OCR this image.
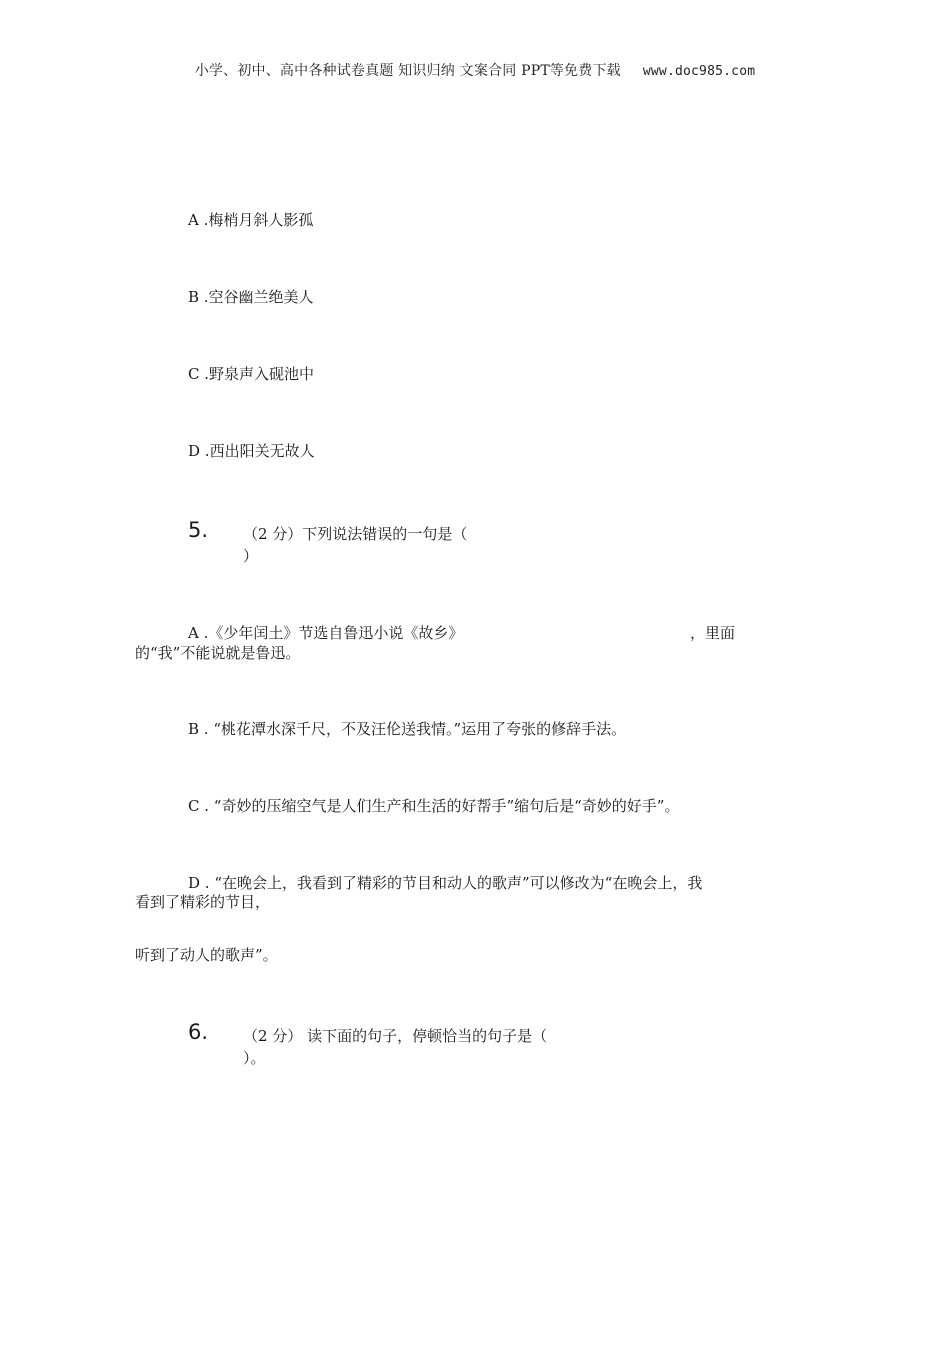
小学、初中、高中各种试卷真题 知识归纳 文案合同 PPT等免费下载 www.doc985.com
A .梅梢月斜人影孤
B .空谷幽兰绝美人
C .野泉声入砚池中
D .西出阳关无故人
5. （2 分）下列说法错误的一句是（
）
A .《少年闰土》节选自鲁迅小说《故乡》	，里面
的“我”不能说就是鲁迅。
B . “桃花潭水深千尺，不及汪伦送我情。”运用了夸张的修辞手法。
C . “奇妙的压缩空气是人们生产和生活的好帮手”缩句后是“奇妙的好手”。
D . “在晚会上，我看到了精彩的节目和动人的歌声”可以修改为“在晚会上，我
看到了精彩的节目，
听到了动人的歌声”。
6. （2 分） 读下面的句子，停顿恰当的句子是（
）。
